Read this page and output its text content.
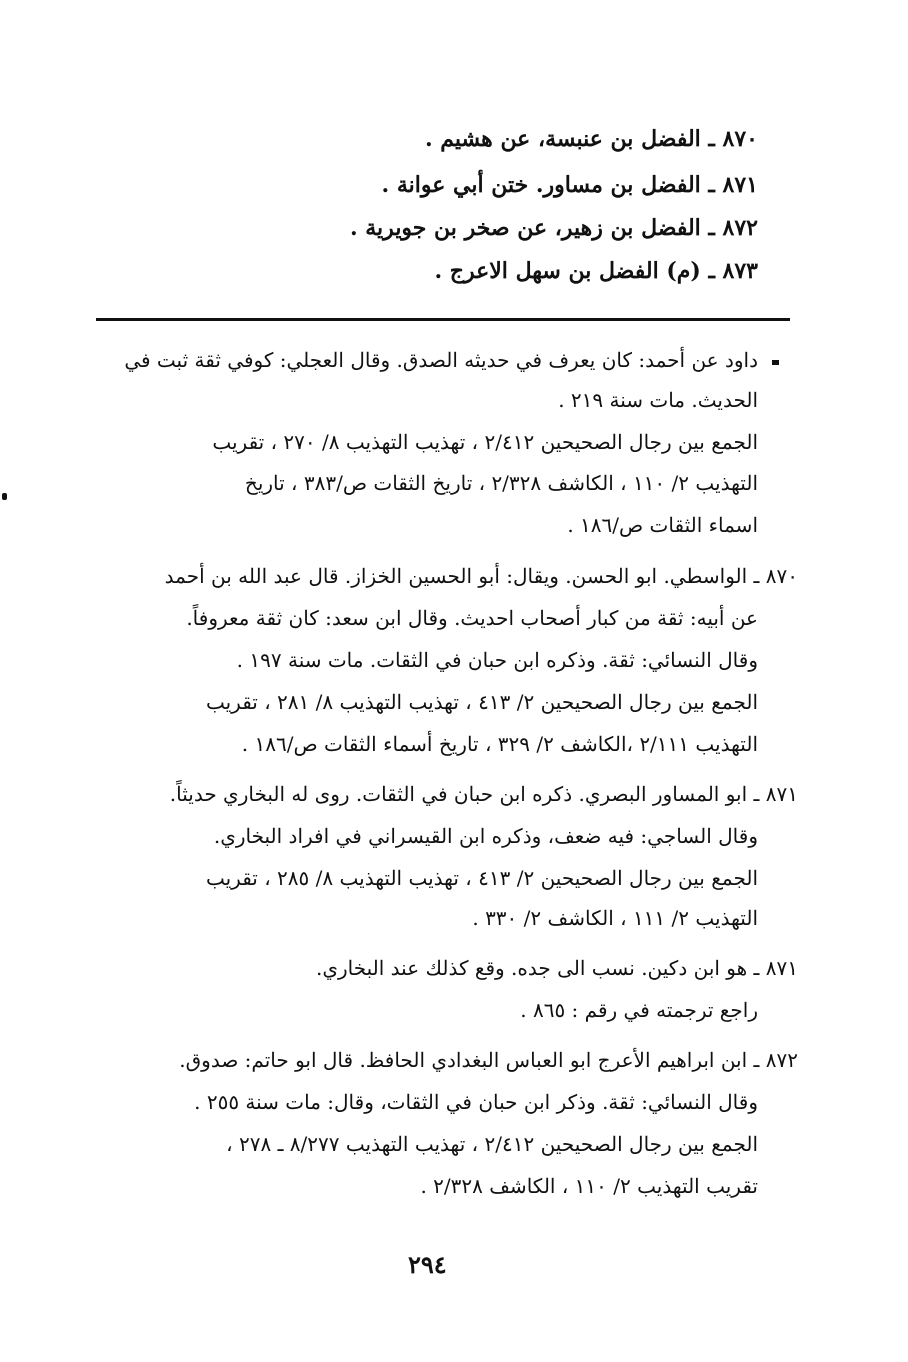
٨٧٠ ـ الفضل بن عنبسة، عن هشيم .
٨٧١ ـ الفضل بن مساور. ختن أبي عوانة .
٨٧٢ ـ الفضل بن زهير، عن صخر بن جويرية .
٨٧٣ ـ (م) الفضل بن سهل الاعرج .
داود عن أحمد: كان يعرف في حديثه الصدق. وقال العجلي: كوفي ثقة ثبت في
الحديث. مات سنة ٢١٩ .
الجمع بين رجال الصحيحين ٢/٤١٢ ، تهذيب التهذيب ٨/ ٢٧٠ ، تقريب
التهذيب ٢/ ١١٠ ، الكاشف ٢/٣٢٨ ، تاريخ الثقات ص/٣٨٣ ، تاريخ
اسماء الثقات ص/١٨٦ .
٨٧٠ ـ الواسطي. ابو الحسن. ويقال: أبو الحسين الخزاز. قال عبد الله بن أحمد
عن أبيه: ثقة من كبار أصحاب احديث. وقال ابن سعد: كان ثقة معروفاً.
وقال النسائي: ثقة. وذكره ابن حبان في الثقات. مات سنة ١٩٧ .
الجمع بين رجال الصحيحين ٢/ ٤١٣ ، تهذيب التهذيب ٨/ ٢٨١ ، تقريب
التهذيب ٢/١١١ ،الكاشف ٢/ ٣٢٩ ، تاريخ أسماء الثقات ص/١٨٦ .
٨٧١ ـ ابو المساور البصري. ذكره ابن حبان في الثقات. روى له البخاري حديثاً.
وقال الساجي: فيه ضعف، وذكره ابن القيسراني في افراد البخاري.
الجمع بين رجال الصحيحين ٢/ ٤١٣ ، تهذيب التهذيب ٨/ ٢٨٥ ، تقريب
التهذيب ٢/ ١١١ ، الكاشف ٢/ ٣٣٠ .
٨٧١ ـ هو ابن دكين. نسب الى جده. وقع كذلك عند البخاري.
راجع ترجمته في رقم : ٨٦٥ .
٨٧٢ ـ ابن ابراهيم الأعرج ابو العباس البغدادي الحافظ. قال ابو حاتم: صدوق.
وقال النسائي: ثقة. وذكر ابن حبان في الثقات، وقال: مات سنة ٢٥٥ .
الجمع بين رجال الصحيحين ٢/٤١٢ ، تهذيب التهذيب ٨/٢٧٧ ـ ٢٧٨ ،
تقريب التهذيب ٢/ ١١٠ ، الكاشف ٢/٣٢٨ .
٢٩٤
